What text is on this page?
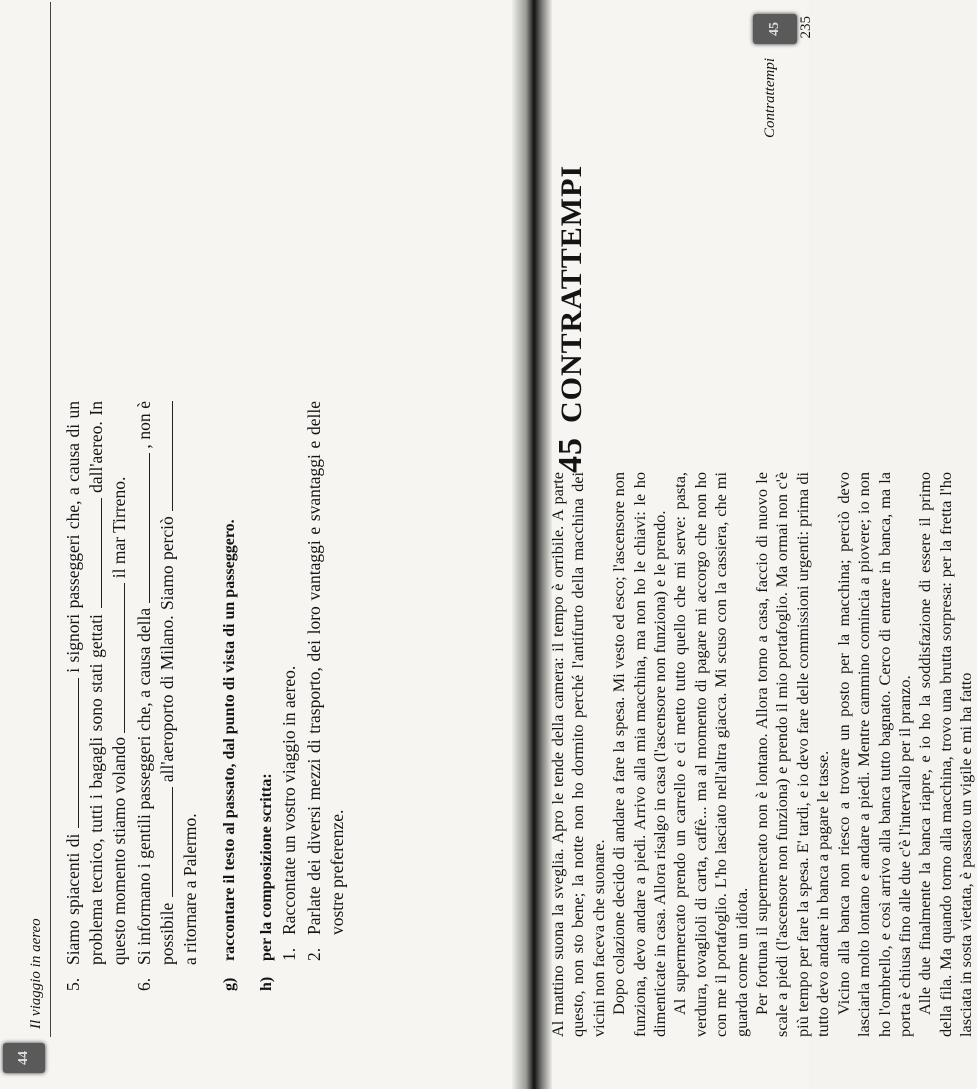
44
Il viaggio in aereo 5.
Siamo spiacenti di  i signori passeggeri che, a causa di un problema tecnico, tutti i bagagli sono stati gettati  dall'aereo. In questo momento stiamo volando  il mar Tirreno.
6.
Si informano i gentili passeggeri che, a causa della  , non è possibile  all'aeroporto di Milano. Siamo perciò  a ritornare a Palermo.
g)
raccontare il testo al passato, dal punto di vista di un passeggero.
h)
per la composizione scritta: 1.
Raccontate un vostro viaggio in aereo.
2.
Parlate dei diversi mezzi di trasporto, dei loro vantaggi e svantaggi e delle vostre preferenze.
45
Contrattempi
235
45CONTRATTEMPI

Al mattino suona la sveglia. Apro le tende della camera: il tempo è orribile. A parte questo, non sto bene; la notte non ho dormito perché l'antifurto della macchina dei vicini non faceva che suonare. Dopo colazione decido di andare a fare la spesa. Mi vesto ed esco; l'ascensore non funziona, devo andare a piedi. Arrivo alla mia macchina, ma non ho le chiavi: le ho dimenticate in casa. Allora risalgo in casa (l'ascensore non funziona) e le prendo. Al supermercato prendo un carrello e ci metto tutto quello che mi serve: pasta, verdura, tovaglioli di carta, caffè... ma al momento di pagare mi accorgo che non ho con me il portafoglio. L'ho lasciato nell'altra giacca. Mi scuso con la cassiera, che mi guarda come un idiota. Per fortuna il supermercato non è lontano. Allora torno a casa, faccio di nuovo le scale a piedi (l'ascensore non funziona) e prendo il mio portafoglio. Ma ormai non c'è più tempo per fare la spesa. E' tardi, e io devo fare delle commissioni urgenti: prima di tutto devo andare in banca a pagare le tasse. Vicino alla banca non riesco a trovare un posto per la macchina; perciò devo lasciarla molto lontano e andare a piedi. Mentre cammino comincia a piovere; io non ho l'ombrello, e così arrivo alla banca tutto bagnato. Cerco di entrare in banca, ma la porta è chiusa fino alle due c'è l'intervallo per il pranzo. Alle due finalmente la banca riapre, e io ho la soddisfazione di essere il primo della fila. Ma quando torno alla macchina, trovo una brutta sorpresa: per la fretta l'ho lasciata in sosta vietata, è passato un vigile e mi ha fatto
